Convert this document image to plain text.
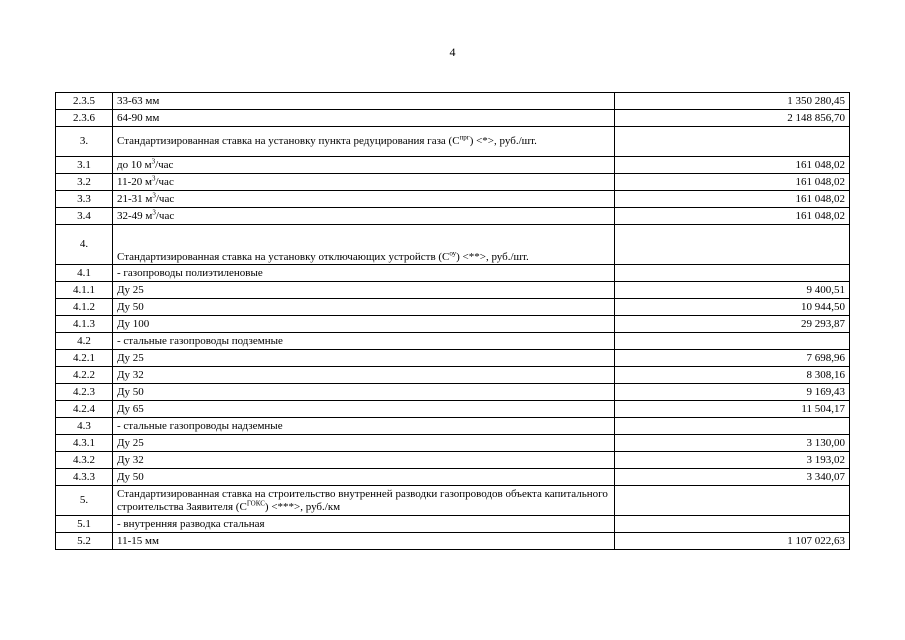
4
2.3.5	33-63 мм	1 350 280,45
2.3.6	64-90 мм	2 148 856,70
3.	Стандартизированная ставка на установку пункта редуцирования газа $(С^{прг})$ <*>, руб./шт.	
3.1	до 10 $м^3$/час	161 048,02
3.2	11-20 $м^3$/час	161 048,02
3.3	21-31 $м^3$/час	161 048,02
3.4	32-49 $м^3$/час	161 048,02
4.	Стандартизированная ставка на установку отключающих устройств $(С^{оу})$ <**>, руб./шт.	
4.1	- газопроводы полиэтиленовые	
4.1.1	Ду 25	9 400,51
4.1.2	Ду 50	10 944,50
4.1.3	Ду 100	29 293,87
4.2	- стальные газопроводы подземные	
4.2.1	Ду 25	7 698,96
4.2.2	Ду 32	8 308,16
4.2.3	Ду 50	9 169,43
4.2.4	Ду 65	11 504,17
4.3	- стальные газопроводы надземные	
4.3.1	Ду 25	3 130,00
4.3.2	Ду 32	3 193,02
4.3.3	Ду 50	3 340,07
5.	Стандартизированная ставка на строительство внутренней разводки газопроводов объекта капитального строительства Заявителя $(С^{ГОКС})$ <***>, руб./км	
5.1	- внутренняя разводка стальная	
5.2	11-15 мм	1 107 022,63
